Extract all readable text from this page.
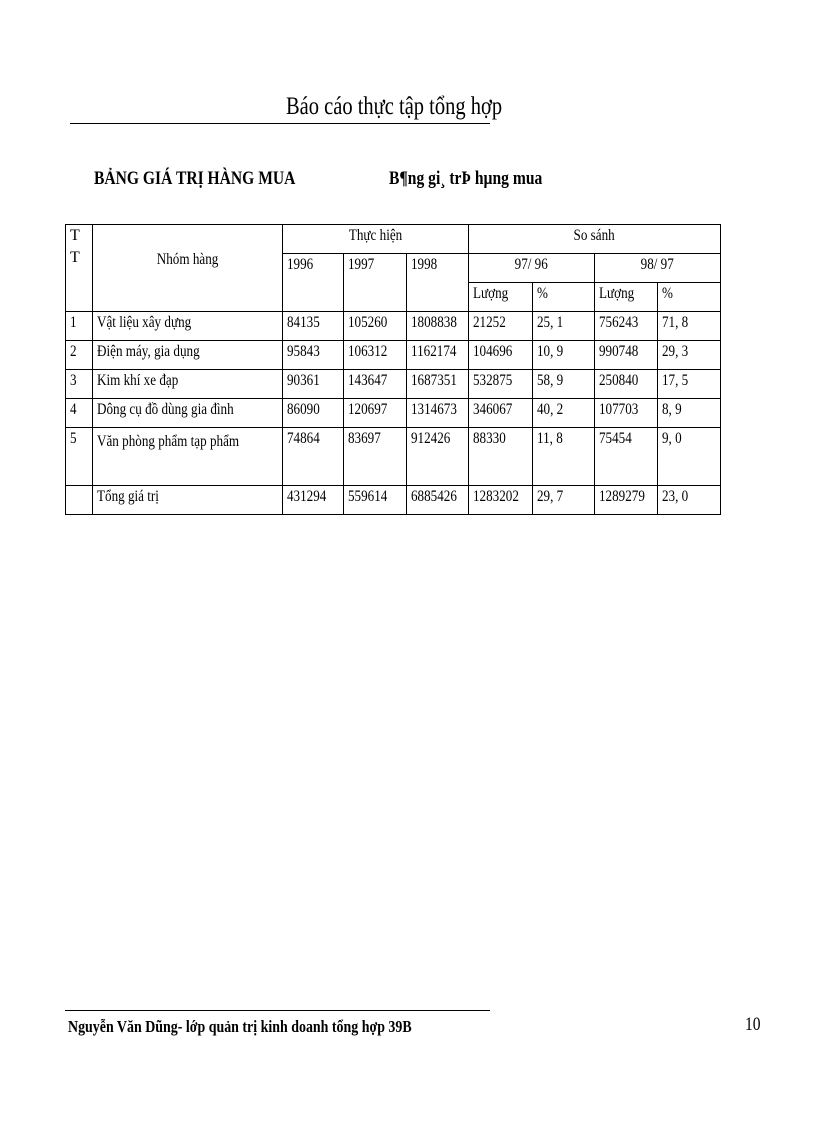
Báo cáo thực tập tổng hợp
BẢNG GIÁ TRỊ HÀNG MUA	B¶ng gi¸ trÞ hµng mua
T
T	Nhóm hàng	Thực hiện			So sánh			
		1996	1997	1998	97/ 96		98/ 97	
					Lượng	%	Lượng	%
1	Vật liệu xây dựng	84135	105260	1808838	21252	25, 1	756243	71, 8
2	Điện máy, gia dụng	95843	106312	1162174	104696	10, 9	990748	29, 3
3	Kim khí xe đạp	90361	143647	1687351	532875	58, 9	250840	17, 5
4	Dông cụ đồ dùng gia đình	86090	120697	1314673	346067	40, 2	107703	8, 9
5	Văn phòng phẩm tạp phẩm	74864	83697	912426	88330	11, 8	75454	9, 0
	Tổng giá trị	431294	559614	6885426	1283202	29, 7	1289279	23, 0
Nguyễn Văn Dũng- lớp quản trị kinh doanh tổng hợp 39B	10
